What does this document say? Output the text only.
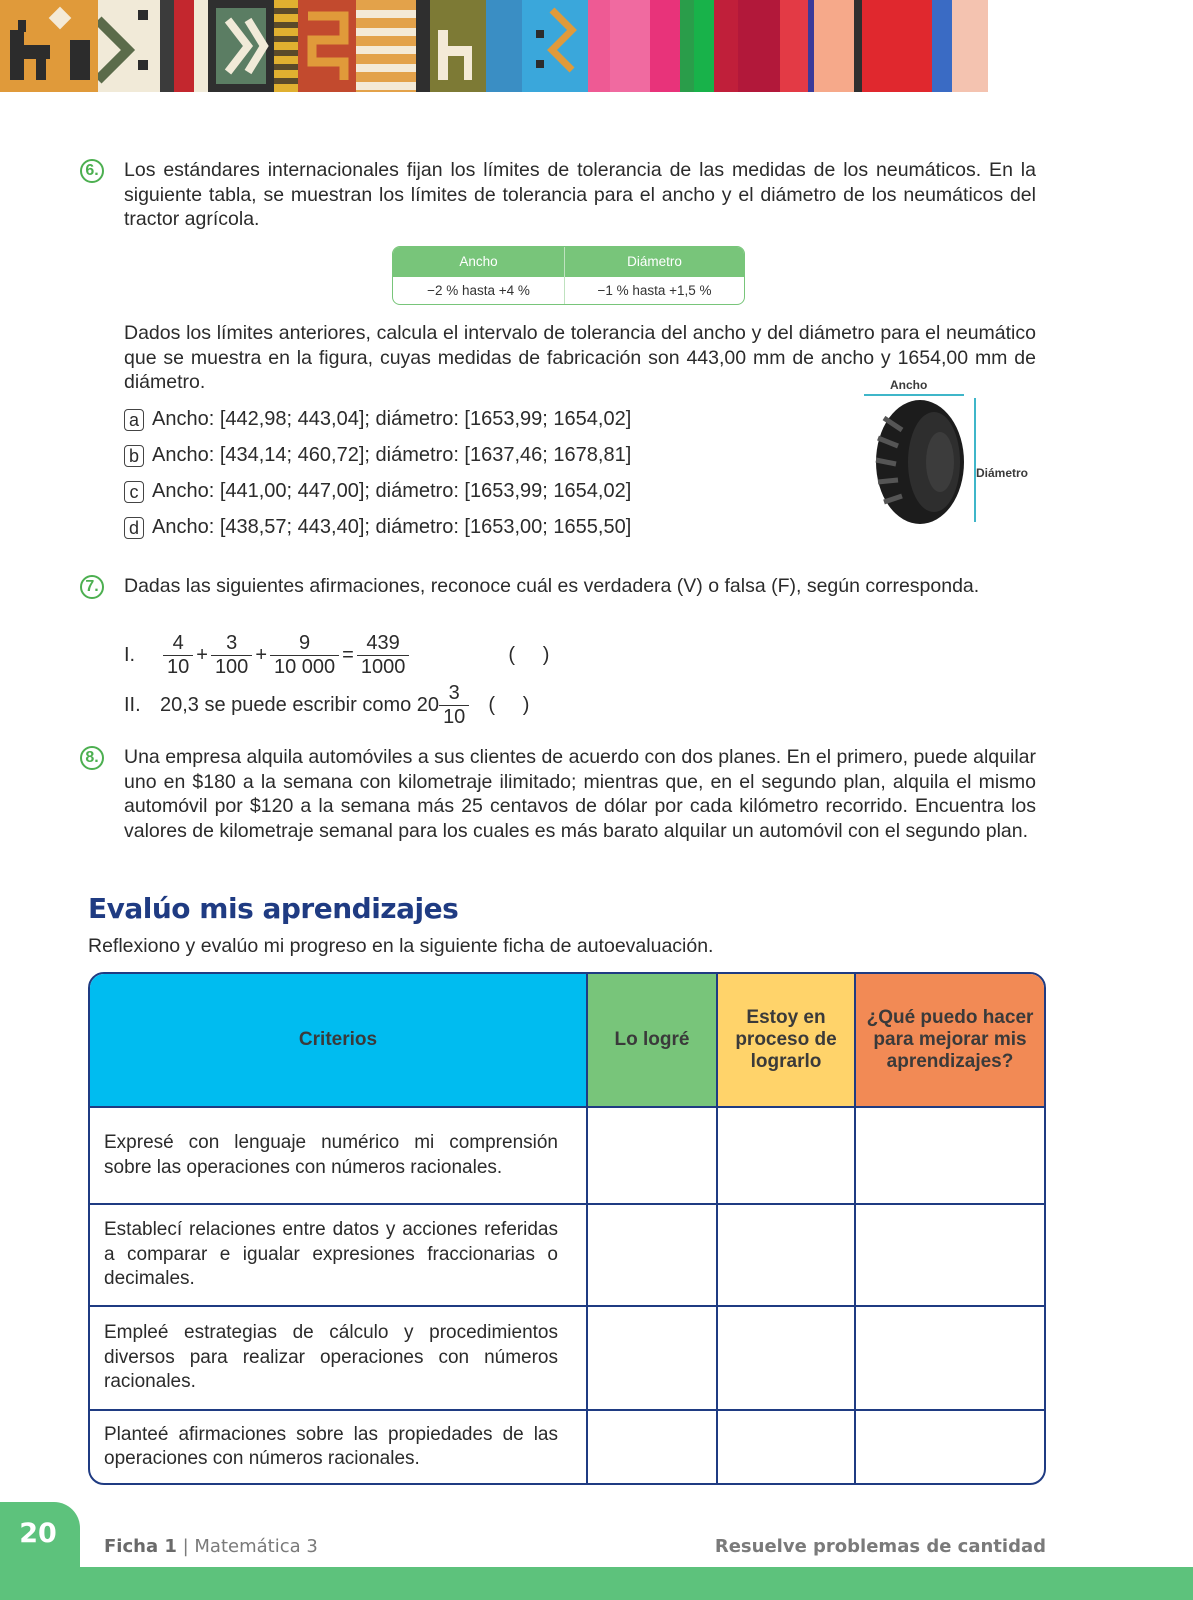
6. Los estándares internacionales fijan los límites de tolerancia de las medidas de los neumáticos. En la siguiente tabla, se muestran los límites de tolerancia para el ancho y el diámetro de los neumáticos del tractor agrícola.
Ancho	Diámetro
−2 % hasta +4 %	−1 % hasta +1,5 %
Dados los límites anteriores, calcula el intervalo de tolerancia del ancho y del diámetro para el neumático que se muestra en la figura, cuyas medidas de fabricación son 443,00 mm de ancho y 1654,00 mm de diámetro.
a Ancho: [442,98; 443,04]; diámetro: [1653,99; 1654,02]
b Ancho: [434,14; 460,72]; diámetro: [1637,46; 1678,81]
c Ancho: [441,00; 447,00]; diámetro: [1653,99; 1654,02]
d Ancho: [438,57; 443,40]; diámetro: [1653,00; 1655,50]
Ancho
Diámetro
7. Dadas las siguientes afirmaciones, reconoce cuál es verdadera (V) o falsa (F), según corresponda.
I.	$\frac{4}{10} + \frac{3}{100} + \frac{9}{10 000} = \frac{439}{1000}$	(     )
II. 20,3 se puede escribir como $20 \frac{3}{10}$ (     )
8. Una empresa alquila automóviles a sus clientes de acuerdo con dos planes. En el primero, puede alquilar uno en $180 a la semana con kilometraje ilimitado; mientras que, en el segundo plan, alquila el mismo automóvil por $120 a la semana más 25 centavos de dólar por cada kilómetro recorrido. Encuentra los valores de kilometraje semanal para los cuales es más barato alquilar un automóvil con el segundo plan.
Evalúo mis aprendizajes
Reflexiono y evalúo mi progreso en la siguiente ficha de autoevaluación.
Criterios	Lo logré	Estoy en proceso de lograrlo	¿Qué puedo hacer para mejorar mis aprendizajes?
Expresé con lenguaje numérico mi comprensión sobre las operaciones con números racionales.			
Establecí relaciones entre datos y acciones referidas a comparar e igualar expresiones fraccionarias o decimales.			
Empleé estrategias de cálculo y procedimientos diversos para realizar operaciones con números racionales.			
Planteé afirmaciones sobre las propiedades de las operaciones con números racionales.			
20	Ficha 1 | Matemática 3	Resuelve problemas de cantidad
